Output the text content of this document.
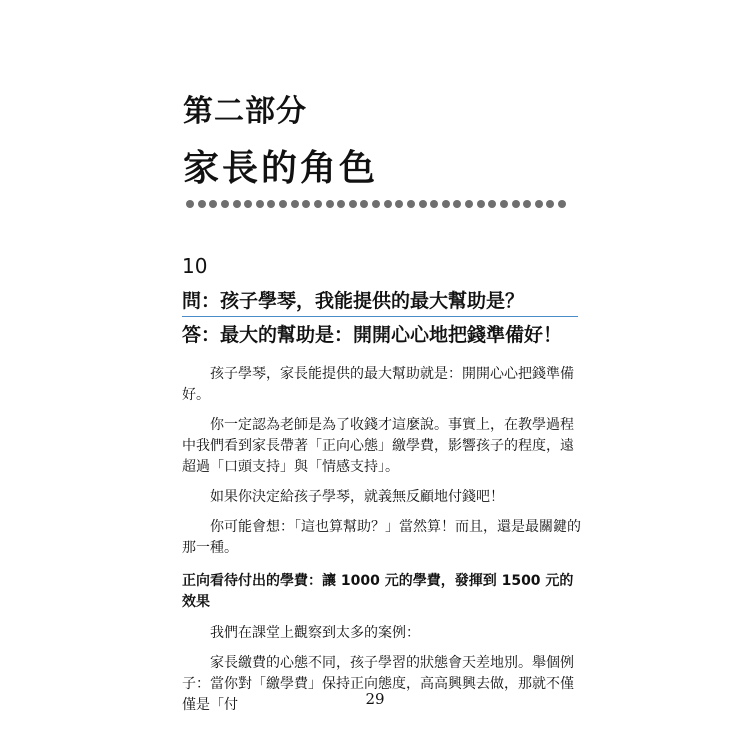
第二部分
家長的角色
10
問：孩子學琴，我能提供的最大幫助是？
答：最大的幫助是：開開心心地把錢準備好！

孩子學琴，家長能提供的最大幫助就是：開開心心把錢準備好。

你一定認為老師是為了收錢才這麼說。事實上，在教學過程中我們看到家長帶著「正向心態」繳學費，影響孩子的程度，遠超過「口頭支持」與「情感支持」。

如果你決定給孩子學琴，就義無反顧地付錢吧！

你可能會想：「這也算幫助？」當然算！而且，還是最關鍵的那一種。

正向看待付出的學費：讓 1000 元的學費，發揮到 1500 元的效果

我們在課堂上觀察到太多的案例：

家長繳費的心態不同，孩子學習的狀態會天差地別。舉個例子：當你對「繳學費」保持正向態度，高高興興去做，那就不僅僅是「付	29
